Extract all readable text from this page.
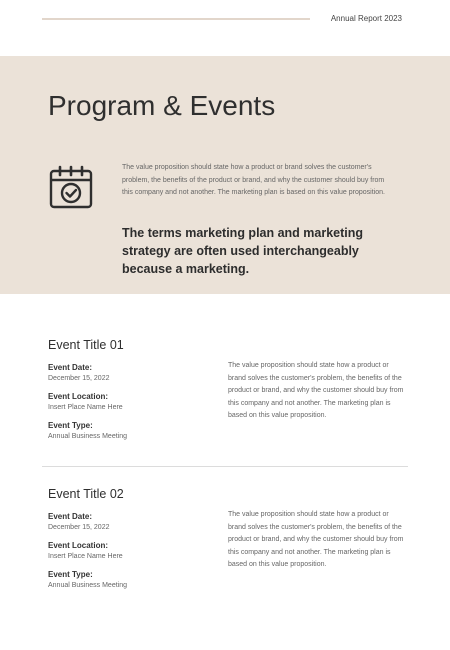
Annual Report 2023
Program & Events

The value proposition should state how a product or brand solves the customer's problem, the benefits of the product or brand, and why the customer should buy from this company and not another. The marketing plan is based on this value proposition.

The terms marketing plan and marketing strategy are often used interchangeably because a marketing.

Event Title 01
Event Date:
December 15, 2022
Event Location:
Insert Place Name Here
Event Type:
Annual Business Meeting

The value proposition should state how a product or brand solves the customer's problem, the benefits of the product or brand, and why the customer should buy from this company and not another. The marketing plan is based on this value proposition.

Event Title 02
Event Date:
December 15, 2022
Event Location:
Insert Place Name Here
Event Type:
Annual Business Meeting

The value proposition should state how a product or brand solves the customer's problem, the benefits of the product or brand, and why the customer should buy from this company and not another. The marketing plan is based on this value proposition.
